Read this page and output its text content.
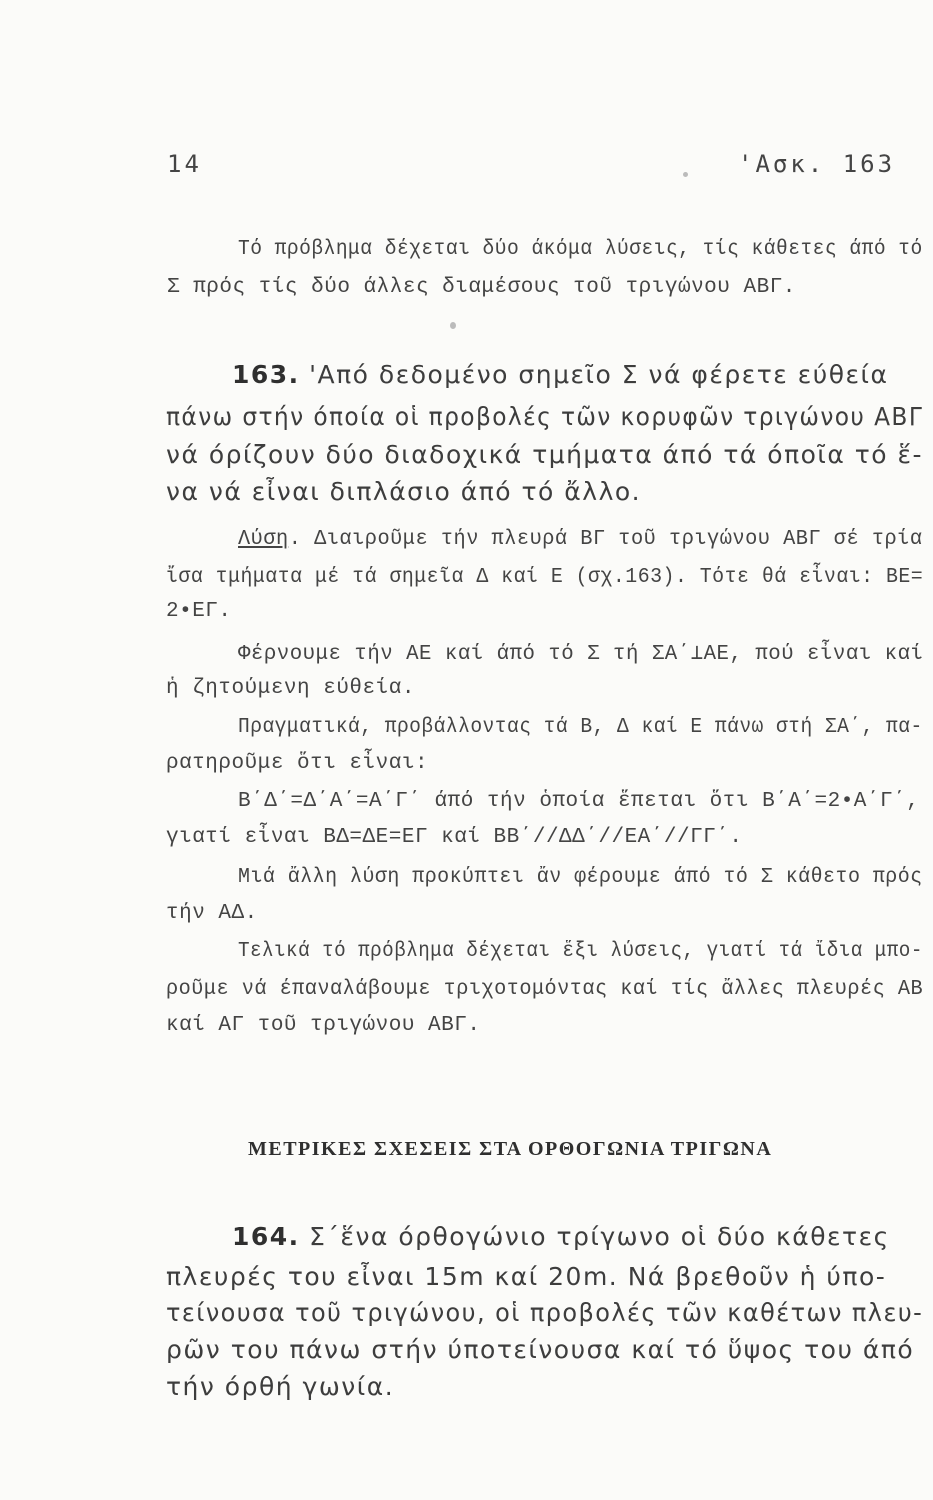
14	'Ασκ. 163
Τό πρόβλημα δέχεται δύο άκόμα λύσεις, τίς κάθετες άπό τό
Σ πρός τίς δύο άλλες διαμέσους τοῦ τριγώνου ΑΒΓ.
163. 'Από δεδομένο σημεῖο Σ νά φέρετε εύθεία
πάνω στήν όποία οἱ προβολές τῶν κορυφῶν τριγώνου ΑΒΓ
νά όρίζουν δύο διαδοχικά τμήματα άπό τά όποῖα τό ἕ-
να νά εἶναι διπλάσιο άπό τό ἄλλο.
Λύση. Διαιροῦμε τήν πλευρά ΒΓ τοῦ τριγώνου ΑΒΓ σέ τρία
ἴσα τμήματα μέ τά σημεῖα Δ καί Ε (σχ.163). Τότε θά εἶναι: ΒΕ=
2•ΕΓ.
Φέρνουμε τήν ΑΕ καί άπό τό Σ τή ΣΑ΄⊥ΑΕ, πού εἶναι καί
ἡ ζητούμενη εύθεία.
Πραγματικά, προβάλλοντας τά Β, Δ καί Ε πάνω στή ΣΑ΄, πα-
ρατηροῦμε ὅτι εἶναι:
Β΄Δ΄=Δ΄Α΄=Α΄Γ΄ άπό τήν ὁποία ἕπεται ὅτι Β΄Α΄=2•Α΄Γ΄,
γιατί εἶναι ΒΔ=ΔΕ=ΕΓ καί ΒΒ΄//ΔΔ΄//ΕΑ΄//ΓΓ΄.
Μιά ἄλλη λύση προκύπτει ἄν φέρουμε άπό τό Σ κάθετο πρός
τήν ΑΔ.
Τελικά τό πρόβλημα δέχεται ἕξι λύσεις, γιατί τά ἴδια μπο-
ροῦμε νά έπαναλάβουμε τριχοτομόντας καί τίς ἄλλες πλευρές ΑΒ
καί ΑΓ τοῦ τριγώνου ΑΒΓ.
ΜΕΤΡΙΚΕΣ ΣΧΕΣΕΙΣ ΣΤΑ ΟΡΘΟΓΩΝΙΑ ΤΡΙΓΩΝΑ
164. Σ΄ἕνα όρθογώνιο τρίγωνο οἱ δύο κάθετες
πλευρές του εἶναι 15m καί 20m. Νά βρεθοῦν ἡ ύπο-
τείνουσα τοῦ τριγώνου, οἱ προβολές τῶν καθέτων πλευ-
ρῶν του πάνω στήν ύποτείνουσα καί τό ὕψος του άπό
τήν όρθή γωνία.
